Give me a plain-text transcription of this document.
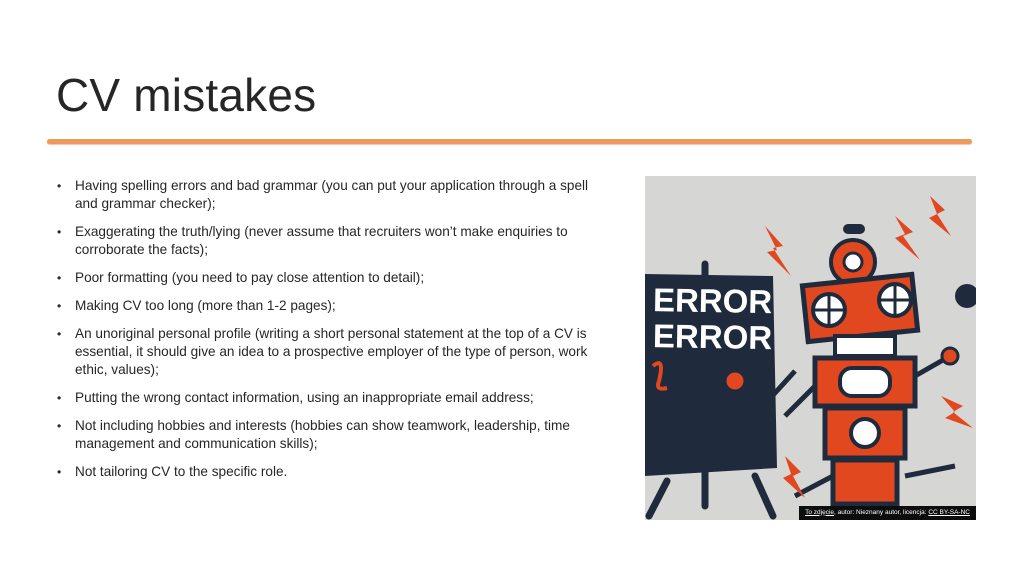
CV mistakes
• Having spelling errors and bad grammar (you can put your application through a spell and grammar checker);
• Exaggerating the truth/lying (never assume that recruiters won’t make enquiries to corroborate the facts);
• Poor formatting (you need to pay close attention to detail);
• Making CV too long (more than 1-2 pages);
• An unoriginal personal profile (writing a short personal statement at the top of a CV is essential, it should give an idea to a prospective employer of the type of person, work ethic, values);
• Putting the wrong contact information, using an inappropriate email address;
• Not including hobbies and interests (hobbies can show teamwork, leadership, time management and communication skills);
• Not tailoring CV to the specific role.
ERROR
ERROR
To zdjęcie, autor: Nieznany autor, licencja: CC BY-SA-NC
